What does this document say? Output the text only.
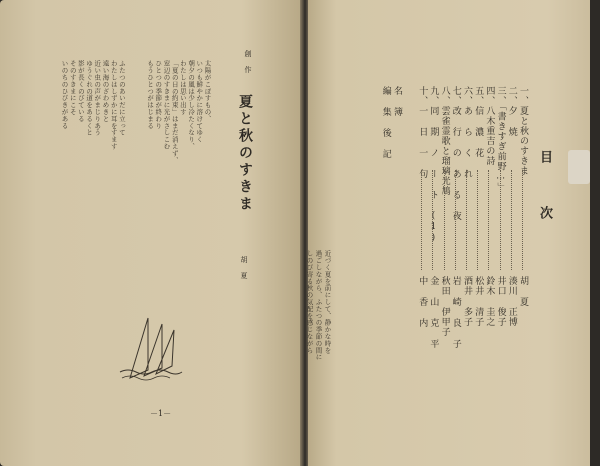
創 作
夏と秋のすきま
胡 夏
太陽がこぼすもの、
いつも鮮やかに溶けてゆく
朝夕の風は少し冷たくなり、
わたしは思い出す
「夏の日の約束」はまだ消えず、
窓辺のすきまに光がさしこむ
ひとつの季節が終わり
もうひとつがはじまる
ふたつのあいだに立って
わたしはしずかに耳をすます
遠い海のざわめきと
近い虫の声がまじりあう
ゆうぐれの道をあるくと
影が長くのびている
そのすきまにこそ
いのちのひびきがある
－1－
目 次
一、夏と秋のすきま
胡 夏
二、夕 焼
湊川 正博
三、「書きすぎ前野…」
井口 俊子
四、八木重吉の詩
鈴木 圭之
五、信 濃 花
松井 清子
六、あ ら く れ
酒井 多子
七、改 行 の あ る 夜
岩 崎 良 子
八、雲雀霊歌と瑠璃光鳩
秋田 伊甲子
九、同 期 ノ ー ト (1)
金 山 克 平
十、一 日 一 句
中 香 内
名 簿
編 集 後 記
近づく夏を前にして、静かな時を
過ごしながら、ふたつの季節の間に
しのび寄る秋の気配を感じながら
